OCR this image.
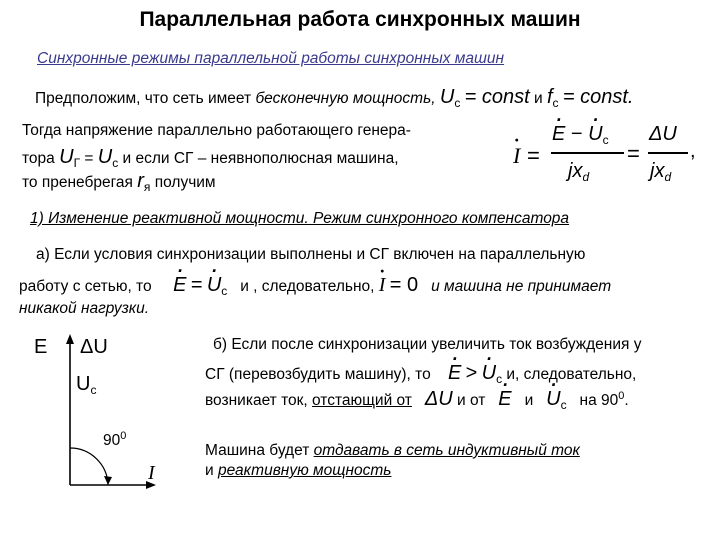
Параллельная работа синхронных машин
Синхронные режимы параллельной работы синхронных машин
Предположим, что сеть имеет бесконечную мощность, $U_с$ = const и $f_с$ = const.
Тогда напряжение параллельно работающего генера-
тора $U_Г = U_с$ и если СГ – неявнополюсная машина,
то пренебрегая $r_я$ получим
· I =
· E − · $U_с$
$jx_d$
=
ΔU
$jx_d$
,
1) Изменение реактивной мощности. Режим синхронного компенсатора
а) Если условия синхронизации выполнены и СГ включен на параллельную
работу с сетью, то · E = · $U_с$ и , следовательно, · I = 0 и машина не принимает
никакой нагрузки.
E ΔU
$U_с$
$90^0$
I
б) Если после синхронизации увеличить ток возбуждения у
СГ (перевозбудить машину), то · E > · $U_с$ и, следовательно,
возникает ток, отстающий от ΔU и от · E $и \cdot U_с$ на $90^0$.
Машина будет отдавать в сеть индуктивный ток
и реактивную мощность
